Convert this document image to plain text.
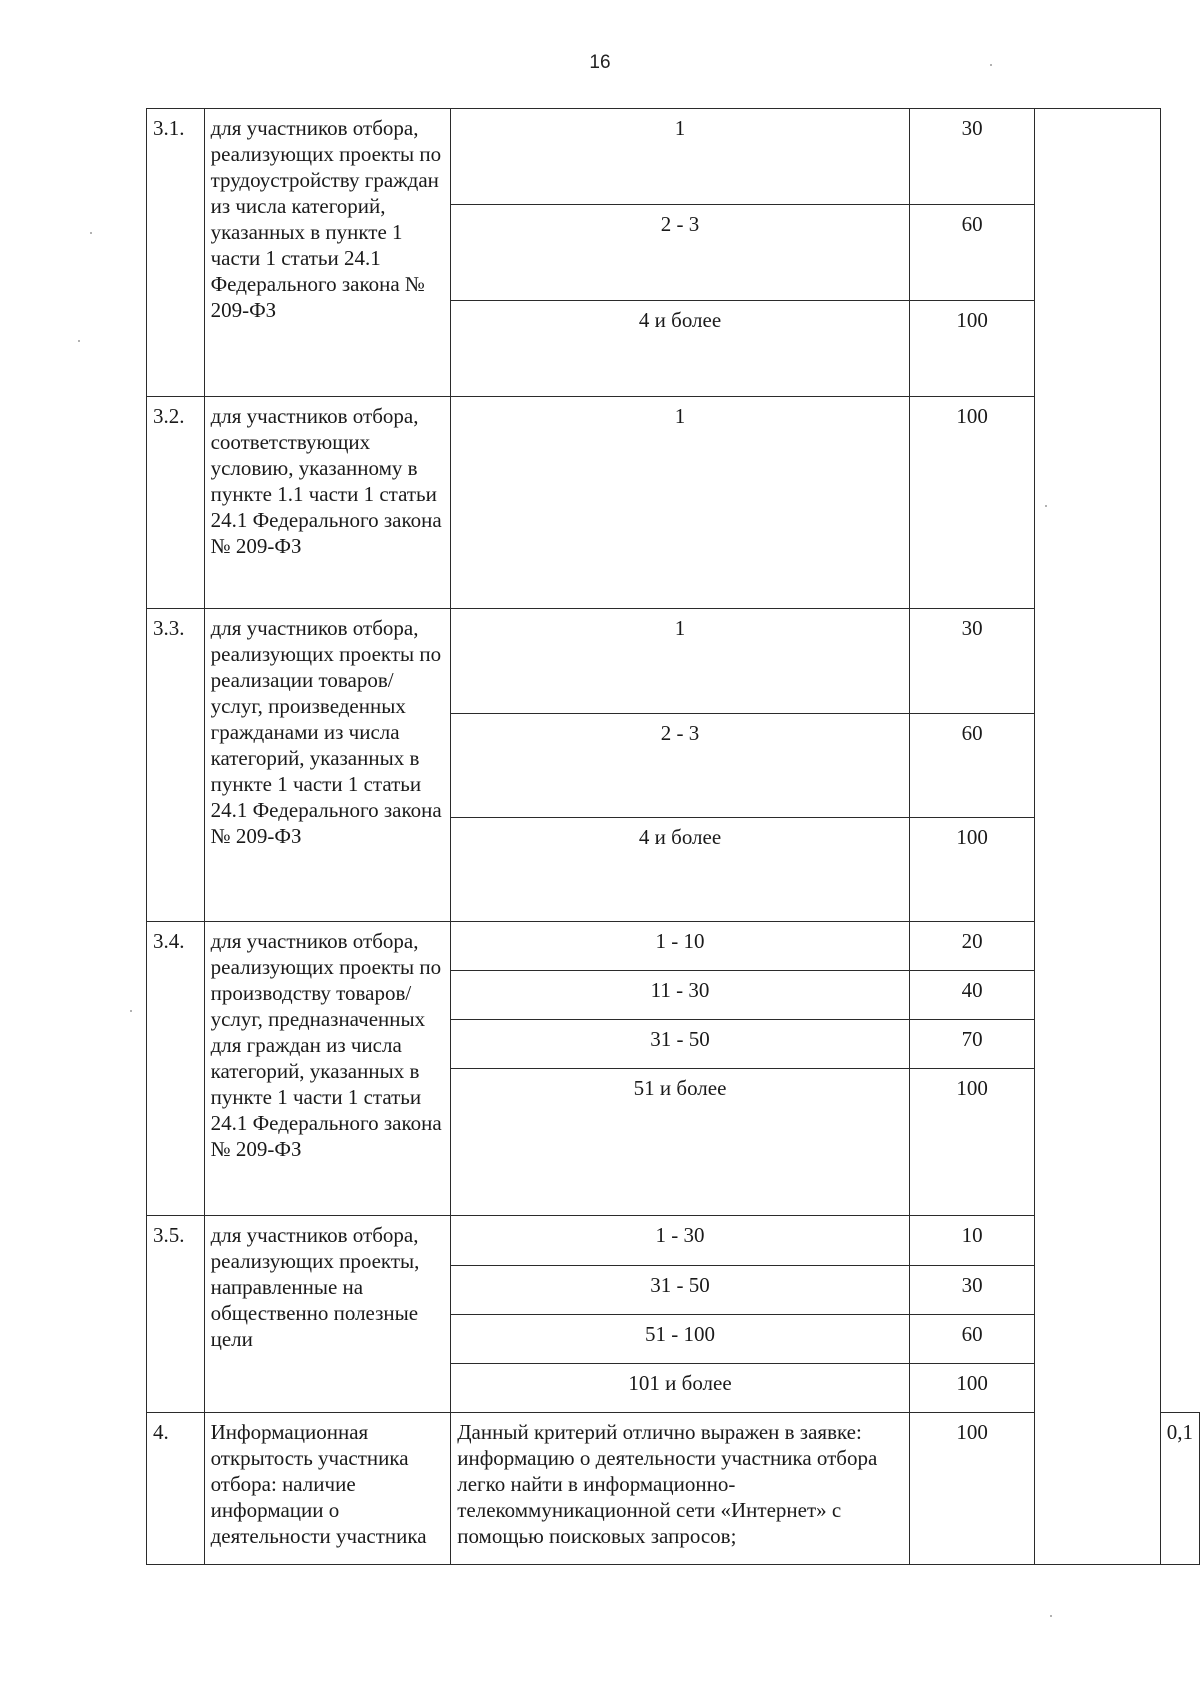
16
3.1.	для участников отбора, реализующих проекты по трудоустройству граждан из числа категорий, указанных в пункте 1 части 1 статьи 24.1 Федерального закона № 209-ФЗ	1	30		
		2 - 3	60		
		4 и более	100		
3.2.	для участников отбора, соответствующих условию, указанному в пункте 1.1 части 1 статьи 24.1 Федерального закона № 209-ФЗ	1	100		
3.3.	для участников отбора, реализующих проекты по реализации товаров/услуг, произведенных гражданами из числа категорий, указанных в пункте 1 части 1 статьи 24.1 Федерального закона № 209-ФЗ	1	30		
		2 - 3	60		
		4 и более	100		
3.4.	для участников отбора, реализующих проекты по производству товаров/услуг, предназначенных для граждан из числа категорий, указанных в пункте 1 части 1 статьи 24.1 Федерального закона № 209-ФЗ	1 - 10	20		
		11 - 30	40		
		31 - 50	70		
		51 и более	100		
3.5.	для участников отбора, реализующих проекты, направленные на общественно полезные цели	1 - 30	10		
		31 - 50	30		
		51 - 100	60		
		101 и более	100		
4.	Информационная открытость участника отбора: наличие информации о деятельности участника	Данный критерий отлично выражен в заявке: информацию о деятельности участника отбора легко найти в информационно-телекоммуникационной сети «Интернет» с помощью поисковых запросов;	100		0,1
